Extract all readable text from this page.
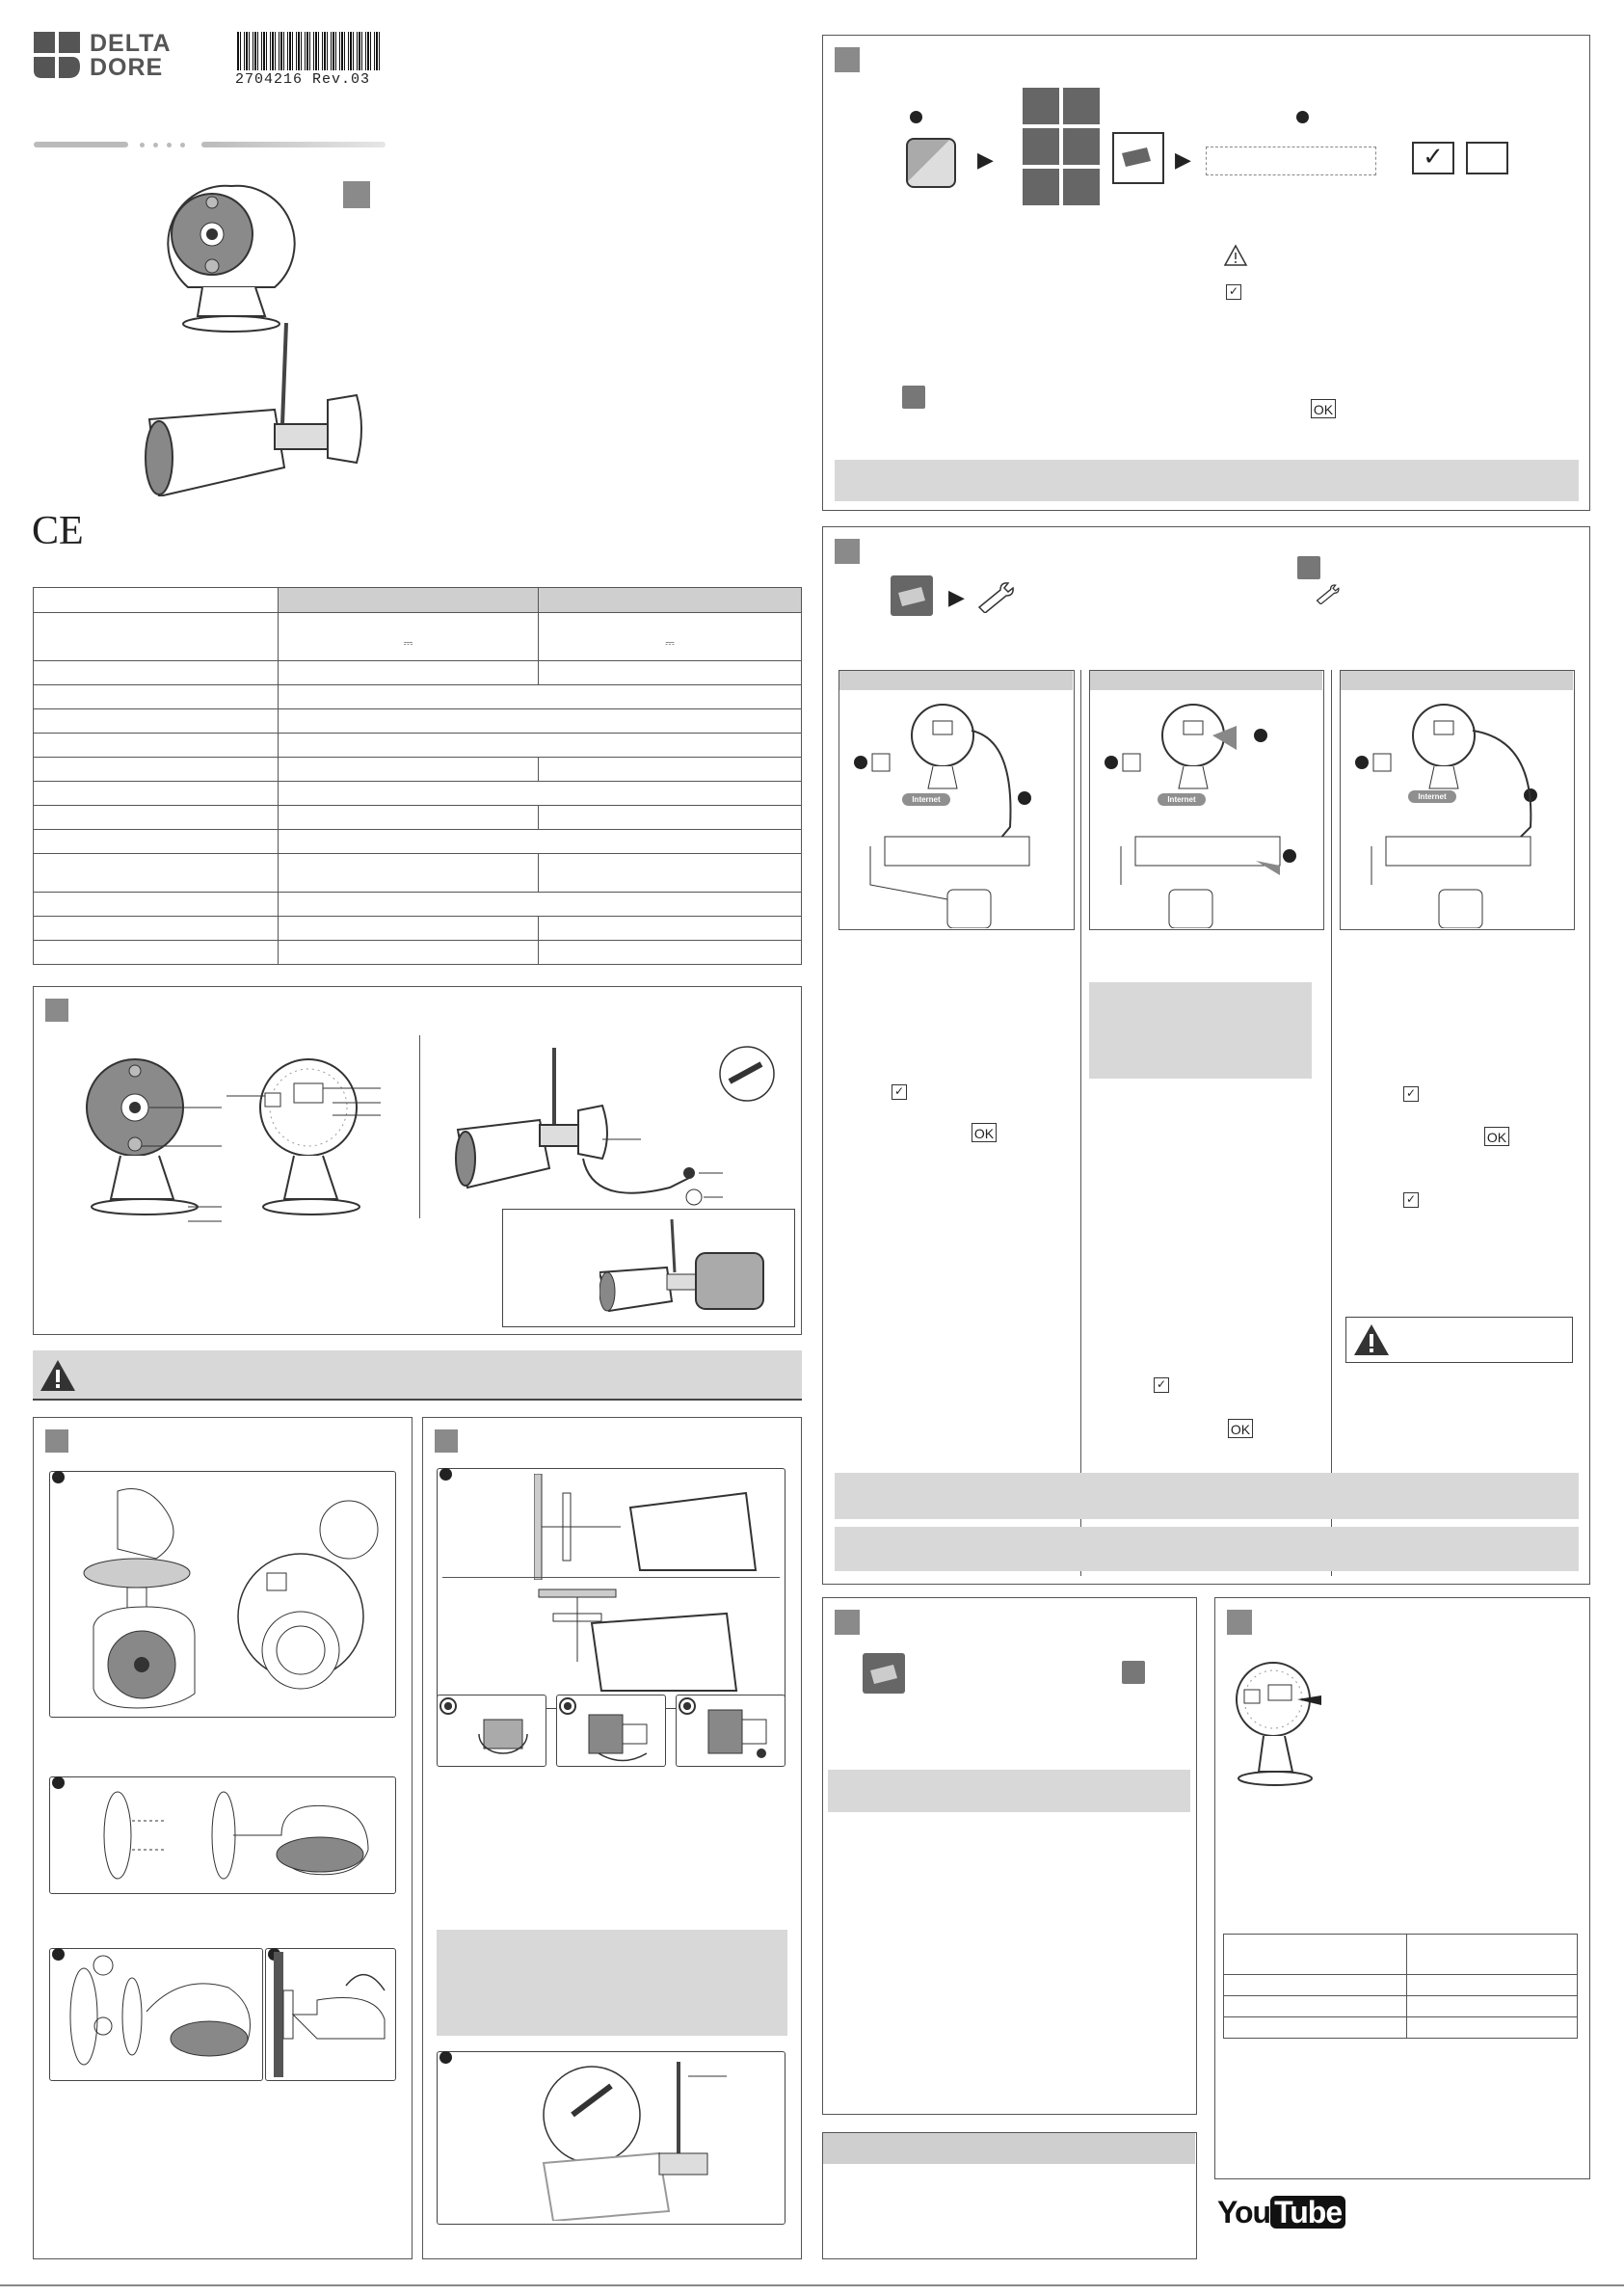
DELTA
DORE	2704216 Rev.03
CE

	⎓	⎓

▶	▶	✓
✓
OK
▶
Internet
✓
OK
Internet
✓
OK
Internet
✓
OK
✓

You Tube
